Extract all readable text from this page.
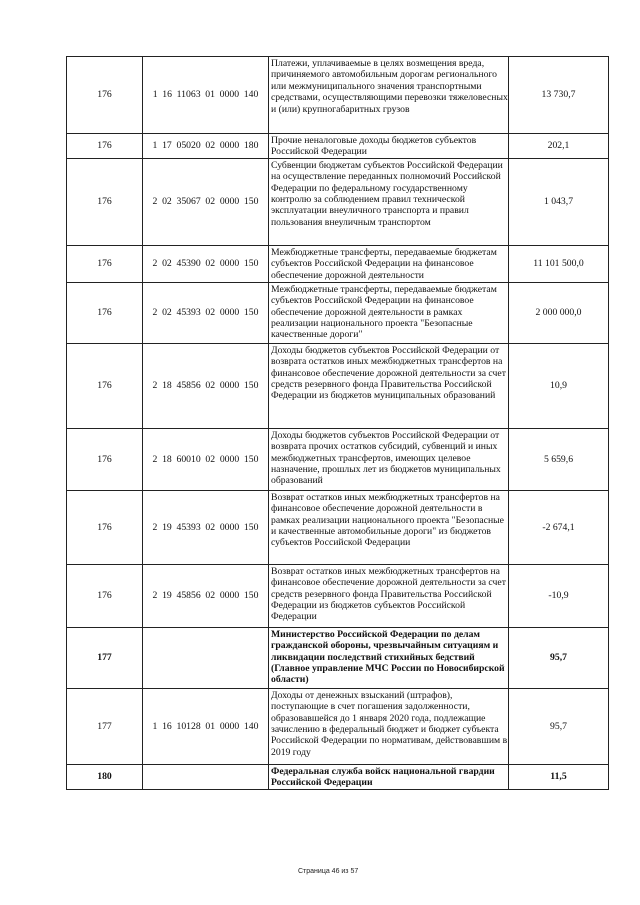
176	1 16 11063 01 0000 140	Платежи, уплачиваемые в целях возмещения вреда, причиняемого автомобильным дорогам регионального или межмуниципального значения транспортными средствами, осуществляющими перевозки тяжеловесных и (или) крупногабаритных грузов	13 730,7
176	1 17 05020 02 0000 180	Прочие неналоговые доходы бюджетов субъектов Российской Федерации	202,1
176	2 02 35067 02 0000 150	Субвенции бюджетам субъектов Российской Федерации на осуществление переданных полномочий Российской Федерации по федеральному государственному контролю за соблюдением правил технической эксплуатации внеуличного транспорта и правил пользования внеуличным транспортом	1 043,7
176	2 02 45390 02 0000 150	Межбюджетные трансферты, передаваемые бюджетам субъектов Российской Федерации на финансовое обеспечение дорожной деятельности	11 101 500,0
176	2 02 45393 02 0000 150	Межбюджетные трансферты, передаваемые бюджетам субъектов Российской Федерации на финансовое обеспечение дорожной деятельности в рамках реализации национального проекта "Безопасные качественные дороги"	2 000 000,0
176	2 18 45856 02 0000 150	Доходы бюджетов субъектов Российской Федерации от возврата остатков иных межбюджетных трансфертов на финансовое обеспечение дорожной деятельности за счет средств резервного фонда Правительства Российской Федерации из бюджетов муниципальных образований	10,9
176	2 18 60010 02 0000 150	Доходы бюджетов субъектов Российской Федерации от возврата прочих остатков субсидий, субвенций и иных межбюджетных трансфертов, имеющих целевое назначение, прошлых лет из бюджетов муниципальных образований	5 659,6
176	2 19 45393 02 0000 150	Возврат остатков иных межбюджетных трансфертов на финансовое обеспечение дорожной деятельности в рамках реализации национального проекта "Безопасные и качественные автомобильные дороги" из бюджетов субъектов Российской Федерации	-2 674,1
176	2 19 45856 02 0000 150	Возврат остатков иных межбюджетных трансфертов на финансовое обеспечение дорожной деятельности за счет средств резервного фонда Правительства Российской Федерации из бюджетов субъектов Российской Федерации	-10,9
177		Министерство Российской Федерации по делам гражданской обороны, чрезвычайным ситуациям и ликвидации последствий стихийных бедствий (Главное управление МЧС России по Новосибирской области)	95,7
177	1 16 10128 01 0000 140	Доходы от денежных взысканий (штрафов), поступающие в счет погашения задолженности, образовавшейся до 1 января 2020 года, подлежащие зачислению в федеральный бюджет и бюджет субъекта Российской Федерации по нормативам, действовавшим в 2019 году	95,7
180		Федеральная служба войск национальной гвардии Российской Федерации	11,5
Страница 46 из 57
